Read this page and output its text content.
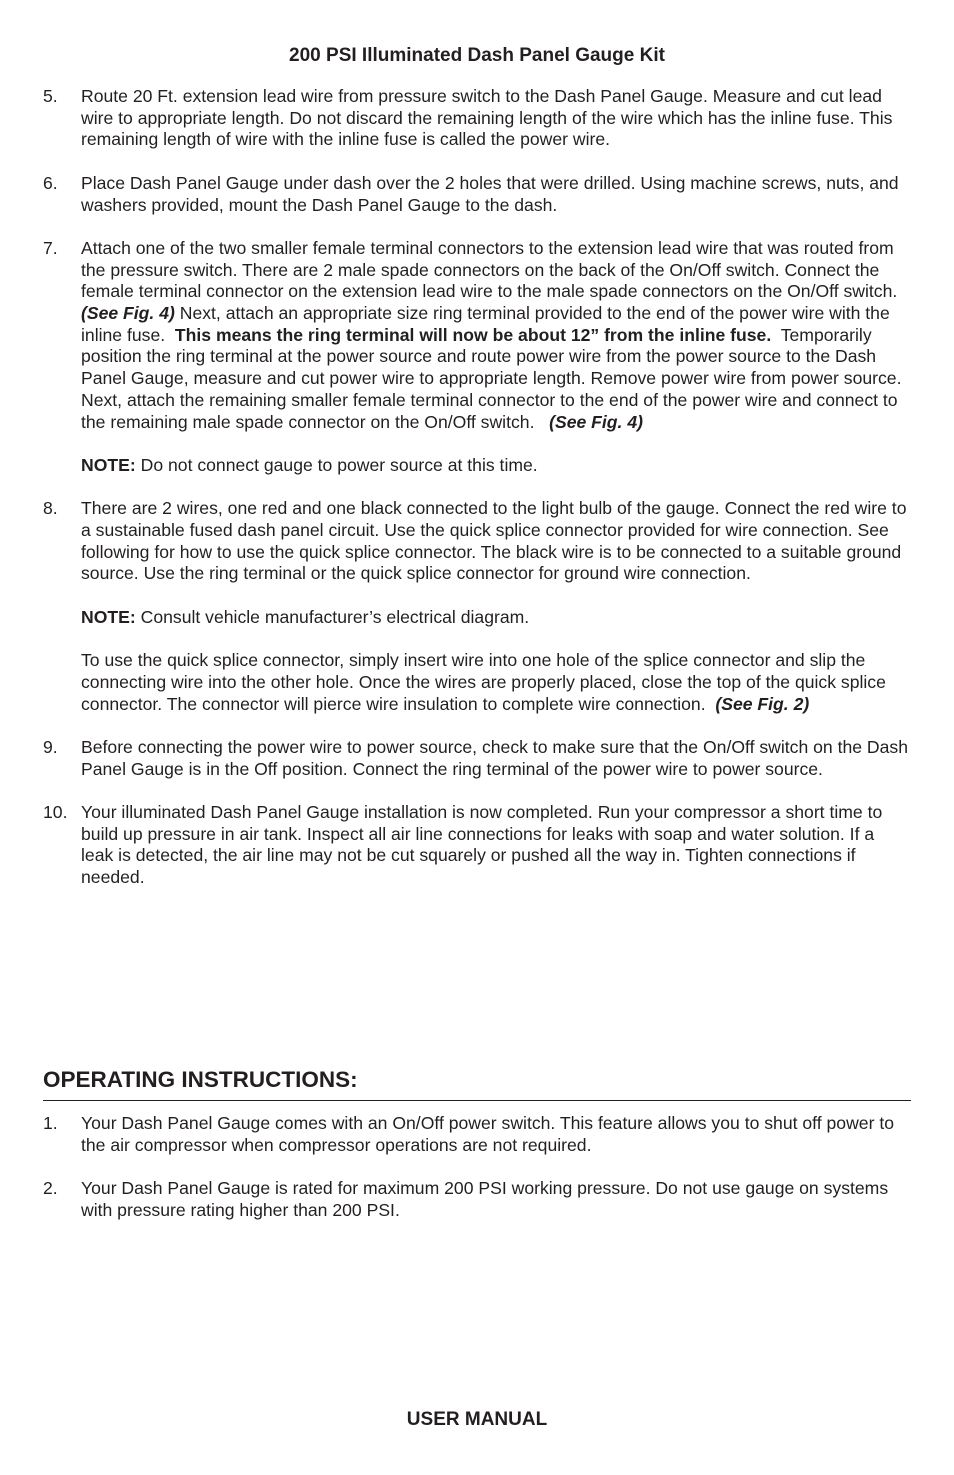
200 PSI Illuminated Dash Panel Gauge Kit
5. Route 20 Ft. extension lead wire from pressure switch to the Dash Panel Gauge. Measure and cut lead wire to appropriate length. Do not discard the remaining length of the wire which has the inline fuse. This remaining length of wire with the inline fuse is called the power wire.
6. Place Dash Panel Gauge under dash over the 2 holes that were drilled. Using machine screws, nuts, and washers provided, mount the Dash Panel Gauge to the dash.
7. Attach one of the two smaller female terminal connectors to the extension lead wire that was routed from the pressure switch. There are 2 male spade connectors on the back of the On/Off switch. Connect the female terminal connector on the extension lead wire to the male spade connectors on the On/Off switch.  (See Fig. 4) Next, attach an appropriate size ring terminal provided to the end of the power wire with the inline fuse. This means the ring terminal will now be about 12” from the inline fuse. Temporarily position the ring terminal at the power source and route power wire from the power source to the Dash Panel Gauge, measure and cut power wire to appropriate length. Remove power wire from power source. Next, attach the remaining smaller female terminal connector to the end of the power wire and connect to the remaining male spade connector on the On/Off switch. (See Fig. 4)
NOTE: Do not connect gauge to power source at this time.
8. There are 2 wires, one red and one black connected to the light bulb of the gauge. Connect the red wire to a sustainable fused dash panel circuit. Use the quick splice connector provided for wire connection. See following for how to use the quick splice connector. The black wire is to be connected to a suitable ground source. Use the ring terminal or the quick splice connector for ground wire connection.
NOTE: Consult vehicle manufacturer’s electrical diagram.
To use the quick splice connector, simply insert wire into one hole of the splice connector and slip the connecting wire into the other hole. Once the wires are properly placed, close the top of the quick splice connector. The connector will pierce wire insulation to complete wire connection. (See Fig. 2)
9. Before connecting the power wire to power source, check to make sure that the On/Off switch on the Dash Panel Gauge is in the Off position. Connect the ring terminal of the power wire to power source.
10. Your illuminated Dash Panel Gauge installation is now completed. Run your compressor a short time to build up pressure in air tank. Inspect all air line connections for leaks with soap and water solution. If a leak is detected, the air line may not be cut squarely or pushed all the way in. Tighten connections if needed.
OPERATING INSTRUCTIONS:
1. Your Dash Panel Gauge comes with an On/Off power switch. This feature allows you to shut off power to the air compressor when compressor operations are not required.
2. Your Dash Panel Gauge is rated for maximum 200 PSI working pressure. Do not use gauge on systems with pressure rating higher than 200 PSI.
USER MANUAL
